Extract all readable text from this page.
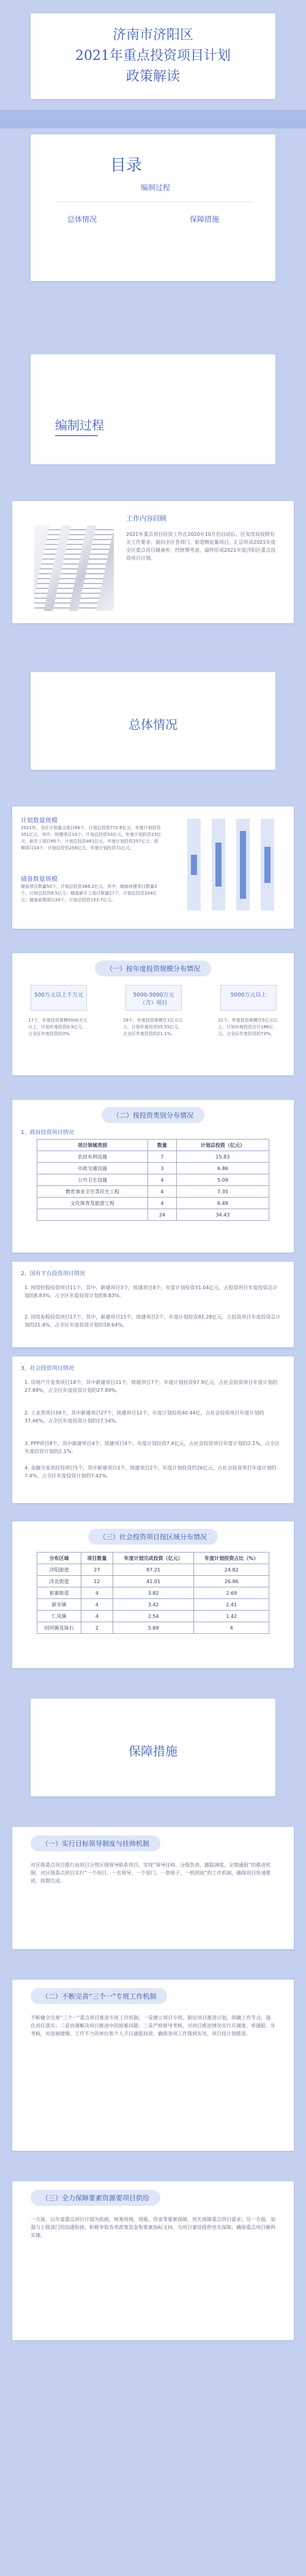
济南市济阳区
2021年重点投资项目计划
政策解读
目录
编制过程
总体情况	保障措施
编制过程
工作内容回顾
2021年重点项目投资工作在2020年10月份启动后，区发改局按照有关工作要求，面向全区各部门、街道镇征集项目，汇总形成2021年度全区重点项目储备库，经统筹考虑，最终形成2021年度济阳区重点投资项目计划。
总体情况
计划数量规模
2021年，全区计划重点项目89个，计划总投资772.6亿元，年度计划投资351亿元。其中，续建项目10个，计划总投资53亿元，年度计划投资23亿元；新开工项目65个，计划总投资461亿元，年度计划投资257亿元；前期项目14个，计划总投资258亿元，年度计划投资71亿元。
储备数量规模
储备项目数量50个，计划总投资366.2亿元。其中，储备续建项目数量3个，计划总投资8.5亿元；储备新开工项目数量27个，计划总投资204亿元；储备前期项目20个，计划总投资153.7亿元。
（一）按年度投资规模分布情况
500万元以上千万元	5000-5000万元（含）项目
5000万元以上
17个，年度投资规模5000万元以上，计划年度投资9.3亿元，占全区年度投资的3%。
29个，年度投资规模在1亿元以上，计划年度投资55.55亿元，占全区年度投资的21.1%。
22个，年度投资规模在5亿元以上，计划年度投资合计186亿元，占全区年度投资的73%。
（二）按投资类别分布情况
1、政府投资项目情况
项目领域类别	数量	计划总投资（亿元）
农田水利设施	7	15.83
市政交通设施	3	6.86
公共卫生设施	4	5.09
教育事业卫生等民生工程	4	7.35
文化体育及旅游工程	4	6.48
	24	34.43
2、国有平台投资项目情况
1. 国资控股投资项目11个，其中，新建项目3个，续建项目8个，年度计划投资31.04亿元，占投资项目年度投资总计划的8.83%，占全区年度投资计划的8.83%。
2. 国资参股投资项目17个，其中，新建项目15个，续建项目2个，年度计划投资81.28亿元，占投资项目年度投资总计划的21.4%，占全区年度投资计划的18.64%。
3、社会投资项目情况
1. 房地产开发类项目18个，其中新建项目11个，续建项目7个，年度计划投资97.9亿元，占社会投资项目年度计划的27.89%，占全区年度投资计划的27.89%。
2. 工业类项目39个，其中新建项目27个，续建项目12个，年度计划投资40.44亿，占社会投资项目年度计划的37.46%，占全区年度投资计划的17.54%。
3. PPP项目8个，其中新建项目4个，续建项目4个，年度计划投资7.4亿元，占社会投资项目年度计划的2.1%，占全区年度投资计划的2.1%。
4. 金融交易类投资项目5个，其中新建项目3个，续建项目2个，年度计划投资约26亿元，占社会投资项目年度计划的7.4%，占全区年度投资计划的7.42%。
（三）社会投资项目按区域分布情况
分布区域	项目数量	年度计划完成投资（亿元）	年度计划投资占比（%）
济阳街道	27	87.21	24.82
济北街道	12	41.01	26.86
崔寨街道	4	3.82	2.69
新市镇	4	3.42	2.41
仁风镇	4	2.54	1.42
回河镇及垛石	2	5.69	4
保障措施
（一）实行目标领导制度与挂帅机制
对区级重点项目推行由项目分管区级领导联系项目，实现“领导挂帅、分级负责、跟踪调度、定期通报”的推进机制；对区级重点项目实行“一个项目、一名领导、一个部门、一套班子、一抓到底”的工作机制，确保项目快速推进，按期完成。
（二）不断完善“三个一”专班工作机制
不断健全完善“三个一”重点项目推进专班工作机制，一是建立项目专班，制定项目推进计划，明确工作节点，强化责任落实；二是协调解决项目推进中的困难问题；三是严格督导考核，对项目推进情况实行月调度、季通报、年考核，对进展缓慢、工作不力的单位和个人予以通报问责，确保各项工作落到实处，项目按计划推进。
（三）全力保障要素资源要项目供给
一方面，以年度重点项目计划为依据，统筹用地、用能、资金等要素保障，优先保障重点项目需求；另一方面，加强与上级部门的沟通衔接，积极争取各类政策资金和要素指标支持，为项目建设提供坚实保障，确保重点项目顺利实施。
